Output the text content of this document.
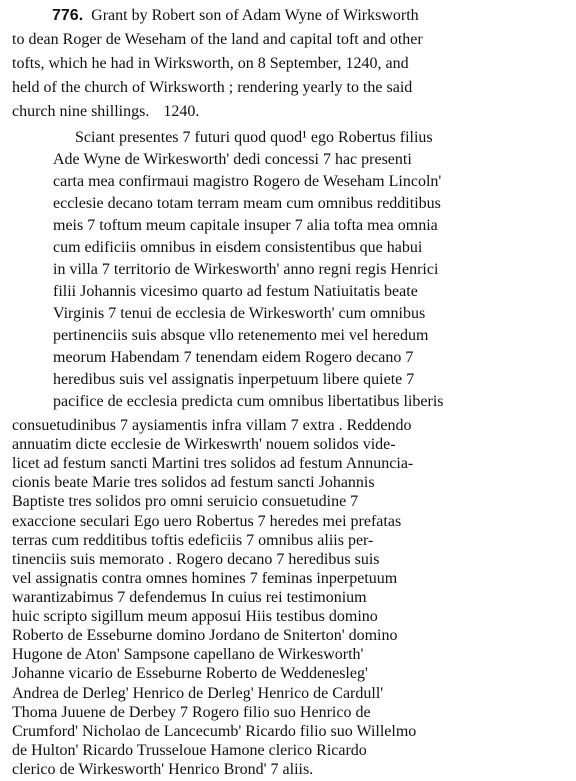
776. Grant by Robert son of Adam Wyne of Wirksworth
to dean Roger de Weseham of the land and capital toft and other
tofts, which he had in Wirksworth, on 8 September, 1240, and
held of the church of Wirksworth ; rendering yearly to the said
church nine shillings. 1240.
Sciant presentes 7 futuri quod quod¹ ego Robertus filius
Ade Wyne de Wirkesworth' dedi concessi 7 hac presenti
carta mea confirmaui magistro Rogero de Weseham Lincoln'
ecclesie decano totam terram meam cum omnibus redditibus
meis 7 toftum meum capitale insuper 7 alia tofta mea omnia
cum edificiis omnibus in eisdem consistentibus que habui
in villa 7 territorio de Wirkesworth' anno regni regis Henrici
filii Johannis vicesimo quarto ad festum Natiuitatis beate
Virginis 7 tenui de ecclesia de Wirkesworth' cum omnibus
pertinenciis suis absque vllo retenemento mei vel heredum
meorum Habendam 7 tenendam eidem Rogero decano 7
heredibus suis vel assignatis inperpetuum libere quiete 7
pacifice de ecclesia predicta cum omnibus libertatibus liberis
consuetudinibus 7 aysiamentis infra villam 7 extra . Reddendo
annuatim dicte ecclesie de Wirkeswrth' nouem solidos vide-
licet ad festum sancti Martini tres solidos ad festum Annuncia-
cionis beate Marie tres solidos ad festum sancti Johannis
Baptiste tres solidos pro omni seruicio consuetudine 7
exaccione seculari Ego uero Robertus 7 heredes mei prefatas
terras cum redditibus toftis edeficiis 7 omnibus aliis per-
tinenciis suis memorato . Rogero decano 7 heredibus suis
vel assignatis contra omnes homines 7 feminas inperpetuum
warantizabimus 7 defendemus In cuius rei testimonium
huic scripto sigillum meum apposui Hiis testibus domino
Roberto de Esseburne domino Jordano de Sniterton' domino
Hugone de Aton' Sampsone capellano de Wirkesworth'
Johanne vicario de Esseburne Roberto de Weddenesleg'
Andrea de Derleg' Henrico de Derleg' Henrico de Cardull'
Thoma Juuene de Derbey 7 Rogero filio suo Henrico de
Crumford' Nicholao de Lancecumb' Ricardo filio suo Willelmo
de Hulton' Ricardo Trusseloue Hamone clerico Ricardo
clerico de Wirkesworth' Henrico Brond' 7 aliis.
